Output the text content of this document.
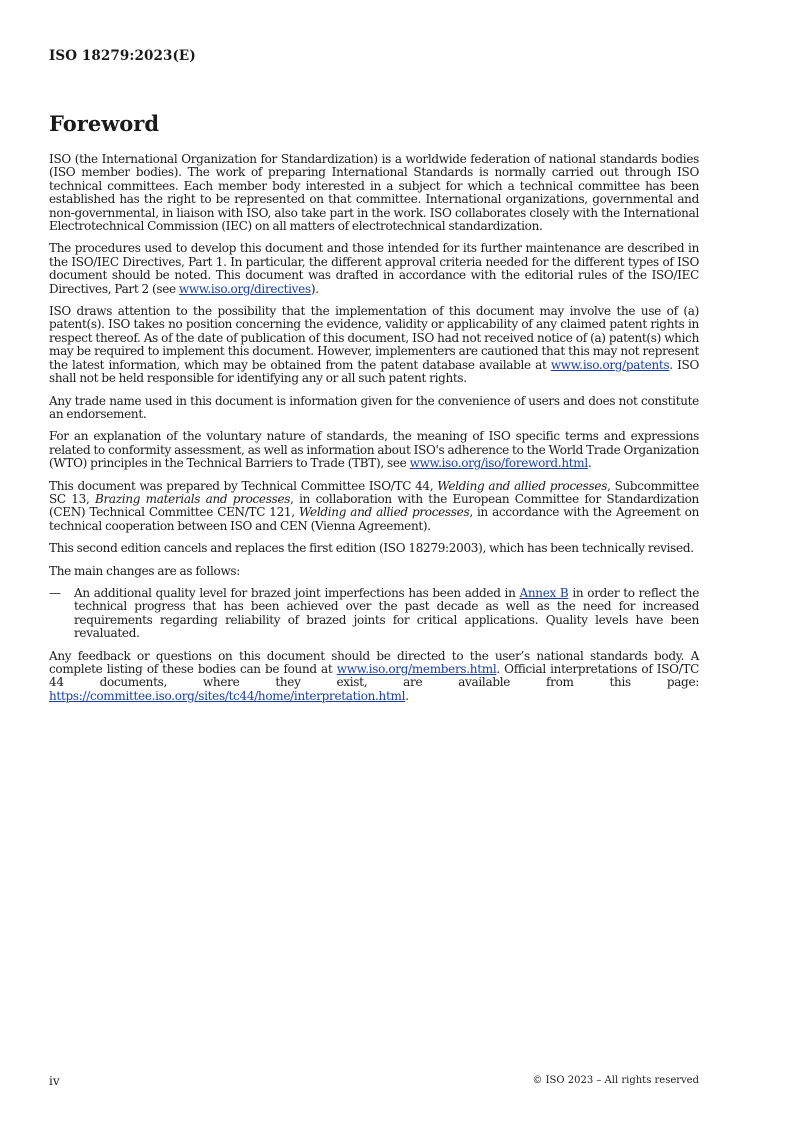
ISO 18279:2023(E)
Foreword

ISO (the International Organization for Standardization) is a worldwide federation of national standards bodies (ISO member bodies). The work of preparing International Standards is normally carried out through ISO technical committees. Each member body interested in a subject for which a technical committee has been established has the right to be represented on that committee. International organizations, governmental and non-governmental, in liaison with ISO, also take part in the work. ISO collaborates closely with the International Electrotechnical Commission (IEC) on all matters of electrotechnical standardization.

The procedures used to develop this document and those intended for its further maintenance are described in the ISO/IEC Directives, Part 1. In particular, the different approval criteria needed for the different types of ISO document should be noted. This document was drafted in accordance with the editorial rules of the ISO/IEC Directives, Part 2 (see www.iso.org/directives).

ISO draws attention to the possibility that the implementation of this document may involve the use of (a) patent(s). ISO takes no position concerning the evidence, validity or applicability of any claimed patent rights in respect thereof. As of the date of publication of this document, ISO had not received notice of (a) patent(s) which may be required to implement this document. However, implementers are cautioned that this may not represent the latest information, which may be obtained from the patent database available at www.iso.org/patents. ISO shall not be held responsible for identifying any or all such patent rights.

Any trade name used in this document is information given for the convenience of users and does not constitute an endorsement.

For an explanation of the voluntary nature of standards, the meaning of ISO specific terms and expressions related to conformity assessment, as well as information about ISO's adherence to the World Trade Organization (WTO) principles in the Technical Barriers to Trade (TBT), see www.iso.org/iso/foreword.html.

This document was prepared by Technical Committee ISO/TC 44, Welding and allied processes, Subcommittee SC 13, Brazing materials and processes, in collaboration with the European Committee for Standardization (CEN) Technical Committee CEN/TC 121, Welding and allied processes, in accordance with the Agreement on technical cooperation between ISO and CEN (Vienna Agreement).

This second edition cancels and replaces the first edition (ISO 18279:2003), which has been technically revised.

The main changes are as follows:

— An additional quality level for brazed joint imperfections has been added in Annex B in order to reflect the technical progress that has been achieved over the past decade as well as the need for increased requirements regarding reliability of brazed joints for critical applications. Quality levels have been revaluated.

Any feedback or questions on this document should be directed to the user’s national standards body. A complete listing of these bodies can be found at www.iso.org/members.html. Official interpretations of ISO/TC 44 documents, where they exist, are available from this page: https://committee.iso.org/sites/tc44/home/interpretation.html.

iv	© ISO 2023 – All rights reserved
